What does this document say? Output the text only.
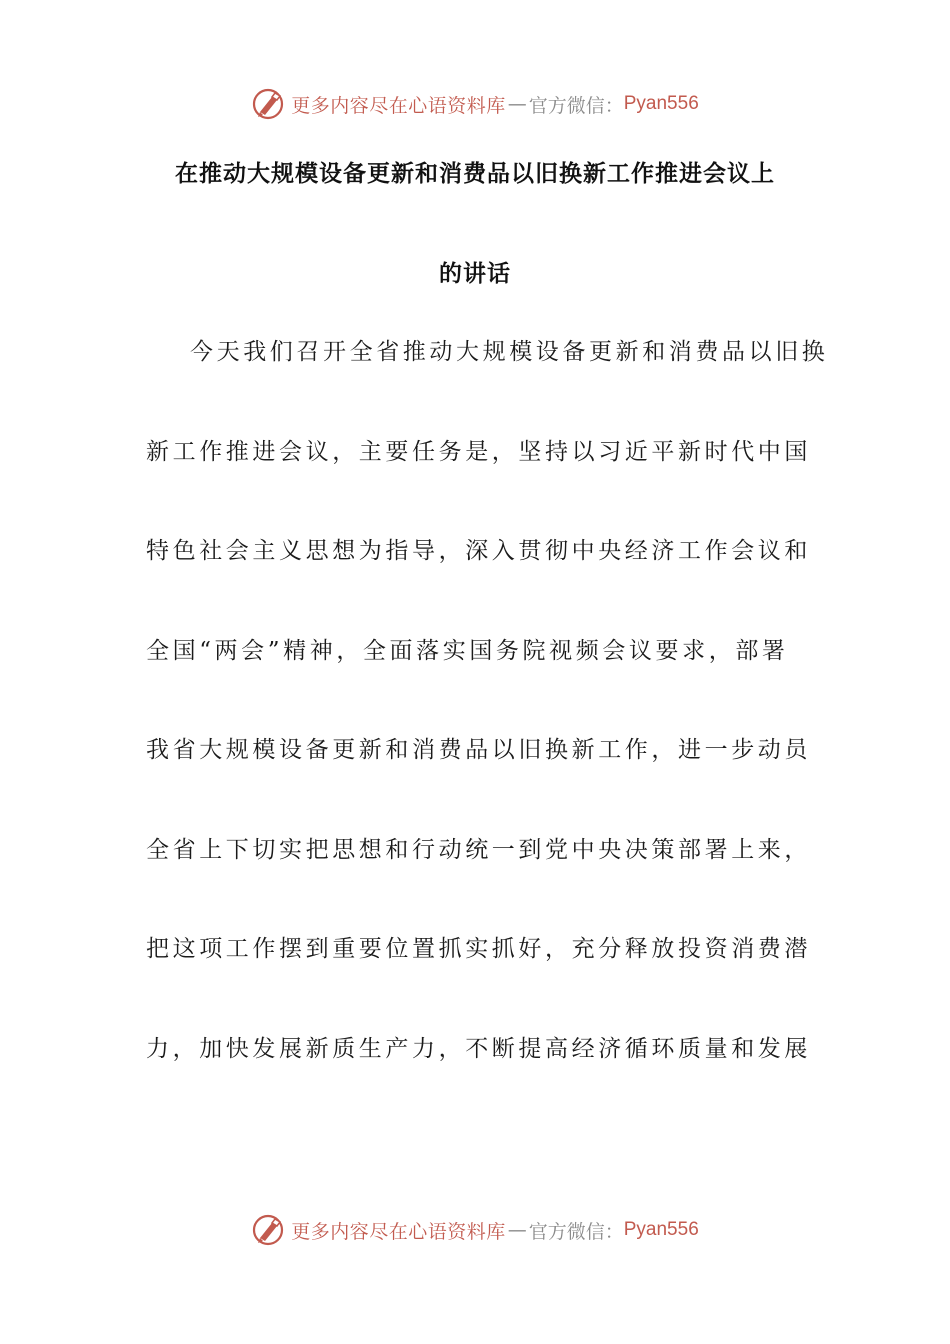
更多内容尽在心语资料库 — 官方微信： Pyan556
在推动大规模设备更新和消费品以旧换新工作推进会议上
的讲话
今天我们召开全省推动大规模设备更新和消费品以旧换
新工作推进会议，主要任务是，坚持以习近平新时代中国
特色社会主义思想为指导，深入贯彻中央经济工作会议和
全国“两会”精神，全面落实国务院视频会议要求，部署
我省大规模设备更新和消费品以旧换新工作，进一步动员
全省上下切实把思想和行动统一到党中央决策部署上来，
把这项工作摆到重要位置抓实抓好，充分释放投资消费潜
力，加快发展新质生产力，不断提高经济循环质量和发展
更多内容尽在心语资料库 — 官方微信： Pyan556
